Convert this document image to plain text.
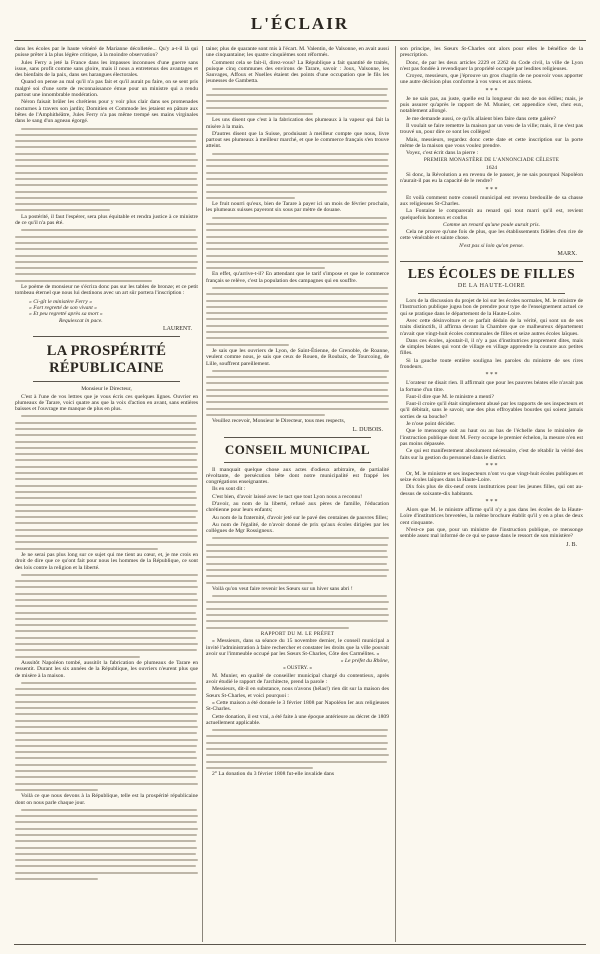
L'ÉCLAIR

dans les écoles par le haute vénéré de Marianne décolletée... Qu'y a-t-il là qui puisse prêter à la plus légère critique, à la moindre observation?

Jules Ferry a jeté la France dans les impasses inconnues d'une guerre sans issue, sans profit comme sans gloire, mais il nous a entretenus des avantages et des bienfaits de la paix, dans ses harangues électorales.

Quand on pense au mal qu'il n'a pas fait et qu'il aurait pu faire, on se sent pris malgré soi d'une sorte de reconnaissance émue pour un ministre qui a rendu partout une innombrable modération.

Néron faisait brûler les chrétiens pour y voir plus clair dans ses promenades nocturnes à travers son jardin; Domitien et Commode les jetaient en pâture aux bêtes de l'Amphithéâtre, Jules Ferry n'a pas même trempé ses mains virginales dans le sang d'un agneau égorgé.

La postérité, il faut l'espérer, sera plus équitable et rendra justice à ce ministre de ce qu'il n'a pas été.

Le poème de monsieur ne s'écrira donc pas sur les tables de bronze; et ce petit tombeau éternel que nous lui destinons avec un art sûr portera l'inscription :

« Ci-gît le ministère Ferry »
« Fort regretté de son vivant »
« Et peu regretté après sa mort »
Requiescat in pace.
LAURENT.
LA PROSPÉRITÉ RÉPUBLICAINE

Monsieur le Directeur,

C'est à l'une de vos lettres que je vous écris ces quelques lignes. Ouvrier en plumeaux de Tarare, voici quatre ans que la voix d'action en avant, sans entières baisses et l'ouvrage me manque de plus en plus.

Je ne serai pas plus long sur ce sujet qui me tient au cœur, et, je me crois en droit de dire que ce qu'ont fait pour nous les hommes de la République, ce sont des lois contre la religion et la liberté.

Aussitôt Napoléon tombé, aussitôt la fabrication de plumeaux de Tarare en ressentit. Durant les six années de la République, les ouvriers n'eurent plus que de misère à la maison.

Voilà ce que nous devons à la République, telle est la prospérité républicaine dont on nous parle chaque jour.

taine; plus de quarante sont mis à l'écart. M. Valentin, de Valsonne, en avait aussi une cinquantaine; les quatre cinquièmes sont réformés.

Comment cela se fait-il, direz-vous? La République a fait quantité de traités, puisque cinq communes des environs de Tarare, savoir : Joux, Valsonne, les Sauvages, Affoux et Nuelles étaient des points d'une occupation que le fils les jeunesses de Gambetta.

Les uns disent que c'est à la fabrication des plumeaux à la vapeur qui fait la misère à la main.

D'autres disent que la Suisse, produisant à meilleur compte que nous, livre partout ses plumeaux à meilleur marché, et que le commerce français s'en trouve atteint.

Le fruit nourri qu'eux, bien de Tarare à payer ici un mois de février prochain, les plumeaux suisses payeront six sous par mètre de douane.

En effet, qu'arrive-t-il? En attendant que le tarif s'impose et que le commerce français se relève, c'est la population des campagnes qui en souffre.

Je sais que les ouvriers de Lyon, de Saint-Étienne, de Grenoble, de Roanne, veulent comme nous, je sais que ceux de Rouen, de Roubaix, de Tourcoing, de Lille, souffrent pareillement.

Veuillez recevoir, Monsieur le Directeur, tous mes respects,

L. DUBOIS.
CONSEIL MUNICIPAL

Il manquait quelque chose aux actes d'odieux arbitraire, de partialité révoltante, de persécution bête dont notre municipalité est frappé les congrégations enseignantes.

Ils en sont dit :

C'est bien, d'avoir laissé avec le tact que tout Lyon nous a reconnu!

D'avoir, au nom de la liberté, refusé aux pères de famille, l'éducation chrétienne pour leurs enfants;

Au nom de la fraternité, d'avoir jeté sur le pavé des centaines de pauvres filles;

Au nom de l'égalité, de n'avoir donné de prix qu'aux écoles dirigées par les collègues de Mgr Rossigneux.

Voilà qu'on veut faire revenir les Sœurs sur un hiver sans abri !

RAPPORT DU M. LE PRÉFET

« Messieurs, dans sa séance du 15 novembre dernier, le conseil municipal a invité l'administration à faire rechercher et constater les droits que la ville pouvait avoir sur l'immeuble occupé par les Sœurs St-Charles, Côte des Carmélites. »

« Le préfet du Rhône,

« OUSTRY. »

M. Munier, en qualité de conseiller municipal chargé du contentieux, après avoir étudié le rapport de l'architecte, prend la parole :

Messieurs, dit-il en substance, nous n'avons (hélas!) rien dit sur la maison des Sœurs St-Charles, et voici pourquoi :

« Cette maison a été donnée le 3 février 1808 par Napoléon Ier aux religieuses St-Charles.

Cette donation, il est vrai, a été faite à une époque antérieure au décret de 1809 actuellement applicable.

2° La donation du 3 février 1808 fut-elle invalide dans

son principe, les Sœurs St-Charles ont alors pour elles le bénéfice de la prescription.

Donc, de par les deux articles 2229 et 2262 du Code civil, la ville de Lyon n'est pas fondée à revendiquer la propriété occupée par lesdites religieuses.

Croyez, messieurs, que j'éprouve un gros chagrin de ne pouvoir vous apporter une autre décision plus conforme à vos vœux et aux miens.

* * *

Je ne sais pas, au juste, quelle est la longueur du nez de nos édiles; mais, je puis assurer qu'après le rapport de M. Munier, cet appendice s'est, chez eux, notablement allongé.

Je me demande aussi, ce qu'ils allaient bien faire dans cette galère?

Il voulait se faire remettre la maison par un vœu de la ville; mais, il ne s'est pas trouvé un, pour dire ce sont les collèges!

Mais, messieurs, regardez donc cette date et cette inscription sur la porte même de la maison que vous voulez prendre.

Voyez, c'est écrit dans la pierre :

PREMIER MONASTÈRE DE L'ANNONCIADE CÉLESTE

1624

Si donc, la Révolution a en revenu de le passer, je ne sais pourquoi Napoléon n'aurait-il pas eu la capacité de le rendre?

* * *

Et voilà comment notre conseil municipal est revenu bredouille de sa chasse aux religieuses St-Charles.

La Fontaine le comparerait au renard qui tout marri qu'il est, revient quelquefois honteux et confus

Comme un renard qu'une poule aurait pris.

Cela ne prouve qu'une fois de plus, que les établissements fidèles d'en rire de cette vénérable et sainte chose.

N'est pas si loin qu'on pense.

MARX.
LES ÉCOLES DE FILLES
DE LA HAUTE-LOIRE

Lors de la discussion du projet de loi sur les écoles normales, M. le ministre de l'Instruction publique jugea bon de prendre pour type de l'enseignement actuel ce qui se pratique dans le département de la Haute-Loire.

Avec cette désinvolture et ce parfait dédain de la vérité, qui sont un de ses traits distinctifs, il affirma devant la Chambre que ce malheureux département n'avait que vingt-huit écoles communales de filles et seize autres écoles laïques.

Dans ces écoles, ajoutait-il, il n'y a pas d'institutrices proprement dites, mais de simples béates qui vont de village en village apprendre la couture aux petites filles.

Si la gauche toute entière souligna les paroles du ministre de ses rires frondeurs.

* * *

L'orateur ne disait rien. Il affirmait que pour les pauvres béates elle n'avait pas la fortune d'un titre.

Faut-il dire que M. le ministre a menti?

Faut-il croire qu'il était simplement abusé par les rapports de ses inspecteurs et qu'il débitait, sans le savoir, une des plus effroyables bourdes qui soient jamais sorties de sa bouche?

Je n'ose point décider.

Que le mensonge soit au haut ou au bas de l'échelle dans le ministère de l'instruction publique dont M. Ferry occupe le premier échelon, la mesure n'en est pas moins dépassée.

Ce qui est manifestement absolument nécessaire, c'est de rétablir la vérité des faits sur la gestion du personnel dans le district.

* * *

Or, M. le ministre et ses inspecteurs n'ont vu que vingt-huit écoles publiques et seize écoles laïques dans la Haute-Loire.

Dix fois plus de dix-neuf cents institutrices pour les jeunes filles, qui ont au-dessus de soixante-dix habitants.

* * *

Alors que M. le ministre affirme qu'il n'y a pas dans les écoles de la Haute-Loire d'institutrices brevetées, la même brochure établit qu'il y en a plus de deux cent cinquante.

N'est-ce pas que, pour un ministre de l'instruction publique, ce mensonge semble assez mal informé de ce qui se passe dans le ressort de son ministère?

J. B.
